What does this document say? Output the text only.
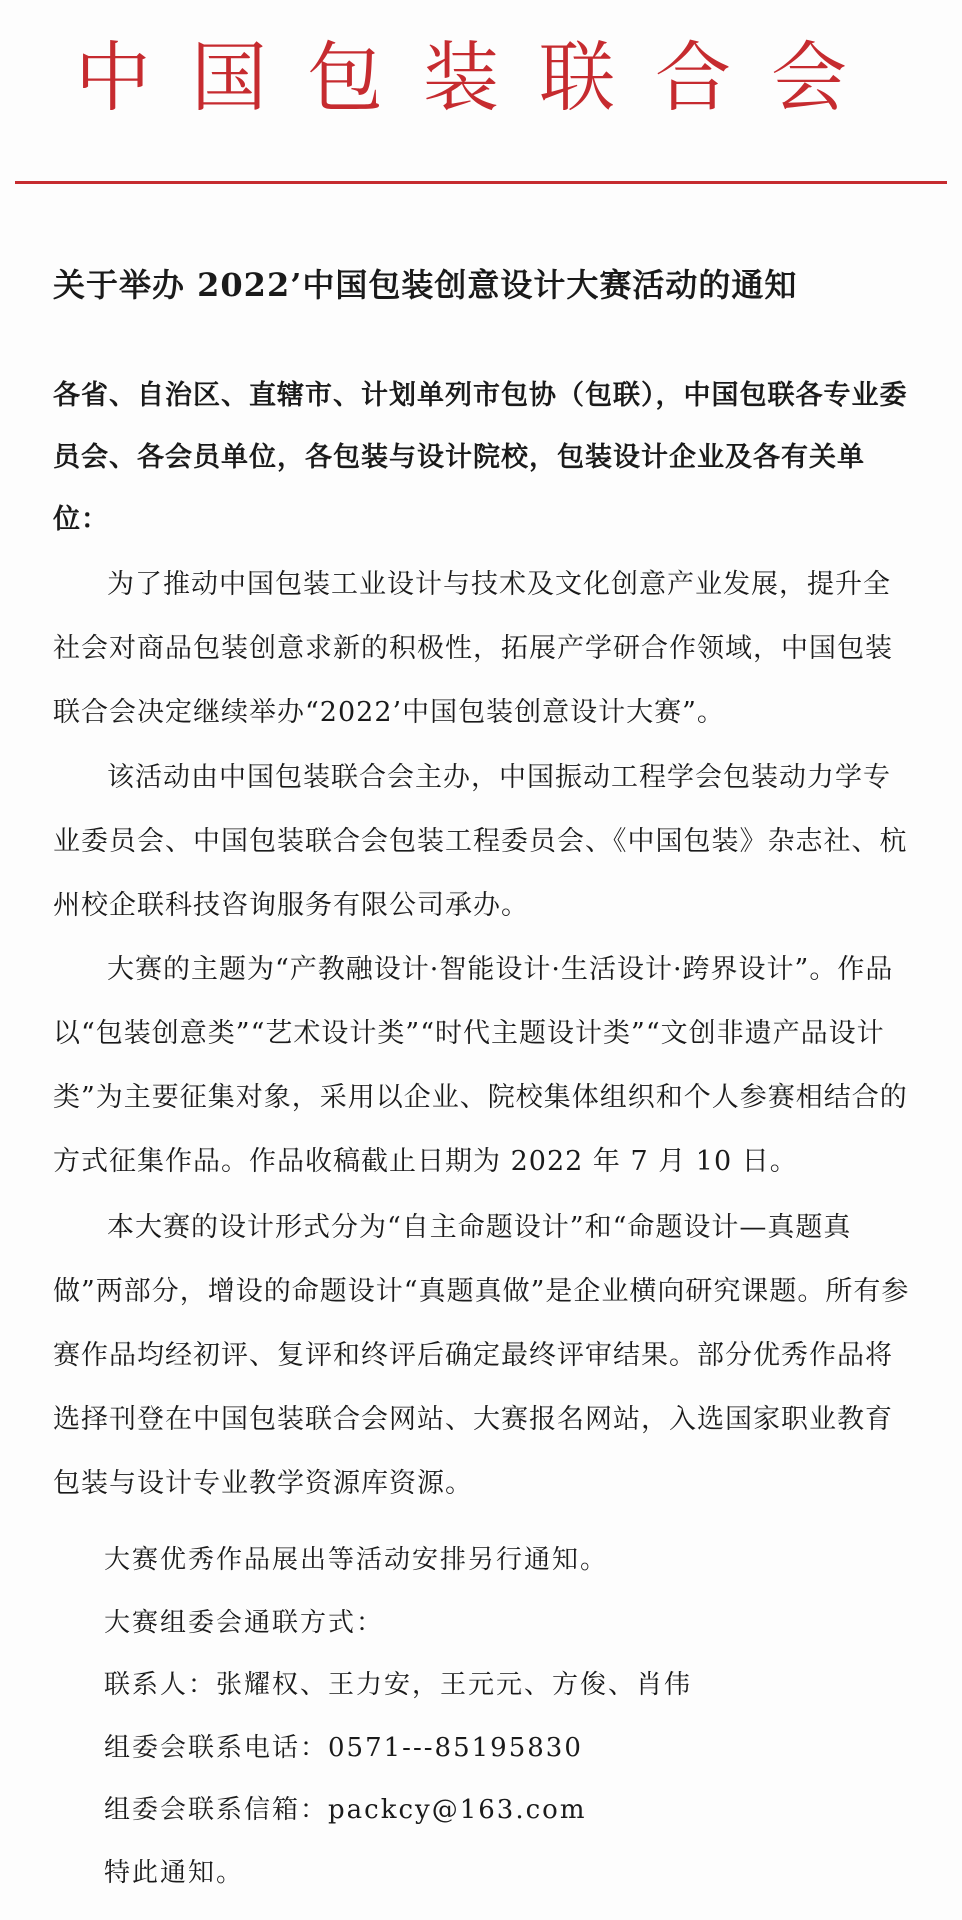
中国包装联合会
关于举办 2022’中国包装创意设计大赛活动的通知
各省、自治区、直辖市、计划单列市包协（包联），中国包联各专业委员会、各会员单位，各包装与设计院校，包装设计企业及各有关单位：
为了推动中国包装工业设计与技术及文化创意产业发展，提升全社会对商品包装创意求新的积极性，拓展产学研合作领域，中国包装联合会决定继续举办“2022’中国包装创意设计大赛”。
该活动由中国包装联合会主办，中国振动工程学会包装动力学专业委员会、中国包装联合会包装工程委员会、《中国包装》杂志社、杭州校企联科技咨询服务有限公司承办。
大赛的主题为“产教融设计·智能设计·生活设计·跨界设计”。作品以“包装创意类”“艺术设计类”“时代主题设计类”“文创非遗产品设计类”为主要征集对象，采用以企业、院校集体组织和个人参赛相结合的方式征集作品。作品收稿截止日期为 2022 年 7 月 10 日。
本大赛的设计形式分为“自主命题设计”和“命题设计—真题真做”两部分，增设的命题设计“真题真做”是企业横向研究课题。所有参赛作品均经初评、复评和终评后确定最终评审结果。部分优秀作品将选择刊登在中国包装联合会网站、大赛报名网站，入选国家职业教育包装与设计专业教学资源库资源。
大赛优秀作品展出等活动安排另行通知。
大赛组委会通联方式：
联系人：张耀权、王力安，王元元、方俊、肖伟
组委会联系电话：0571---85195830
组委会联系信箱：packcy@163.com
特此通知。
